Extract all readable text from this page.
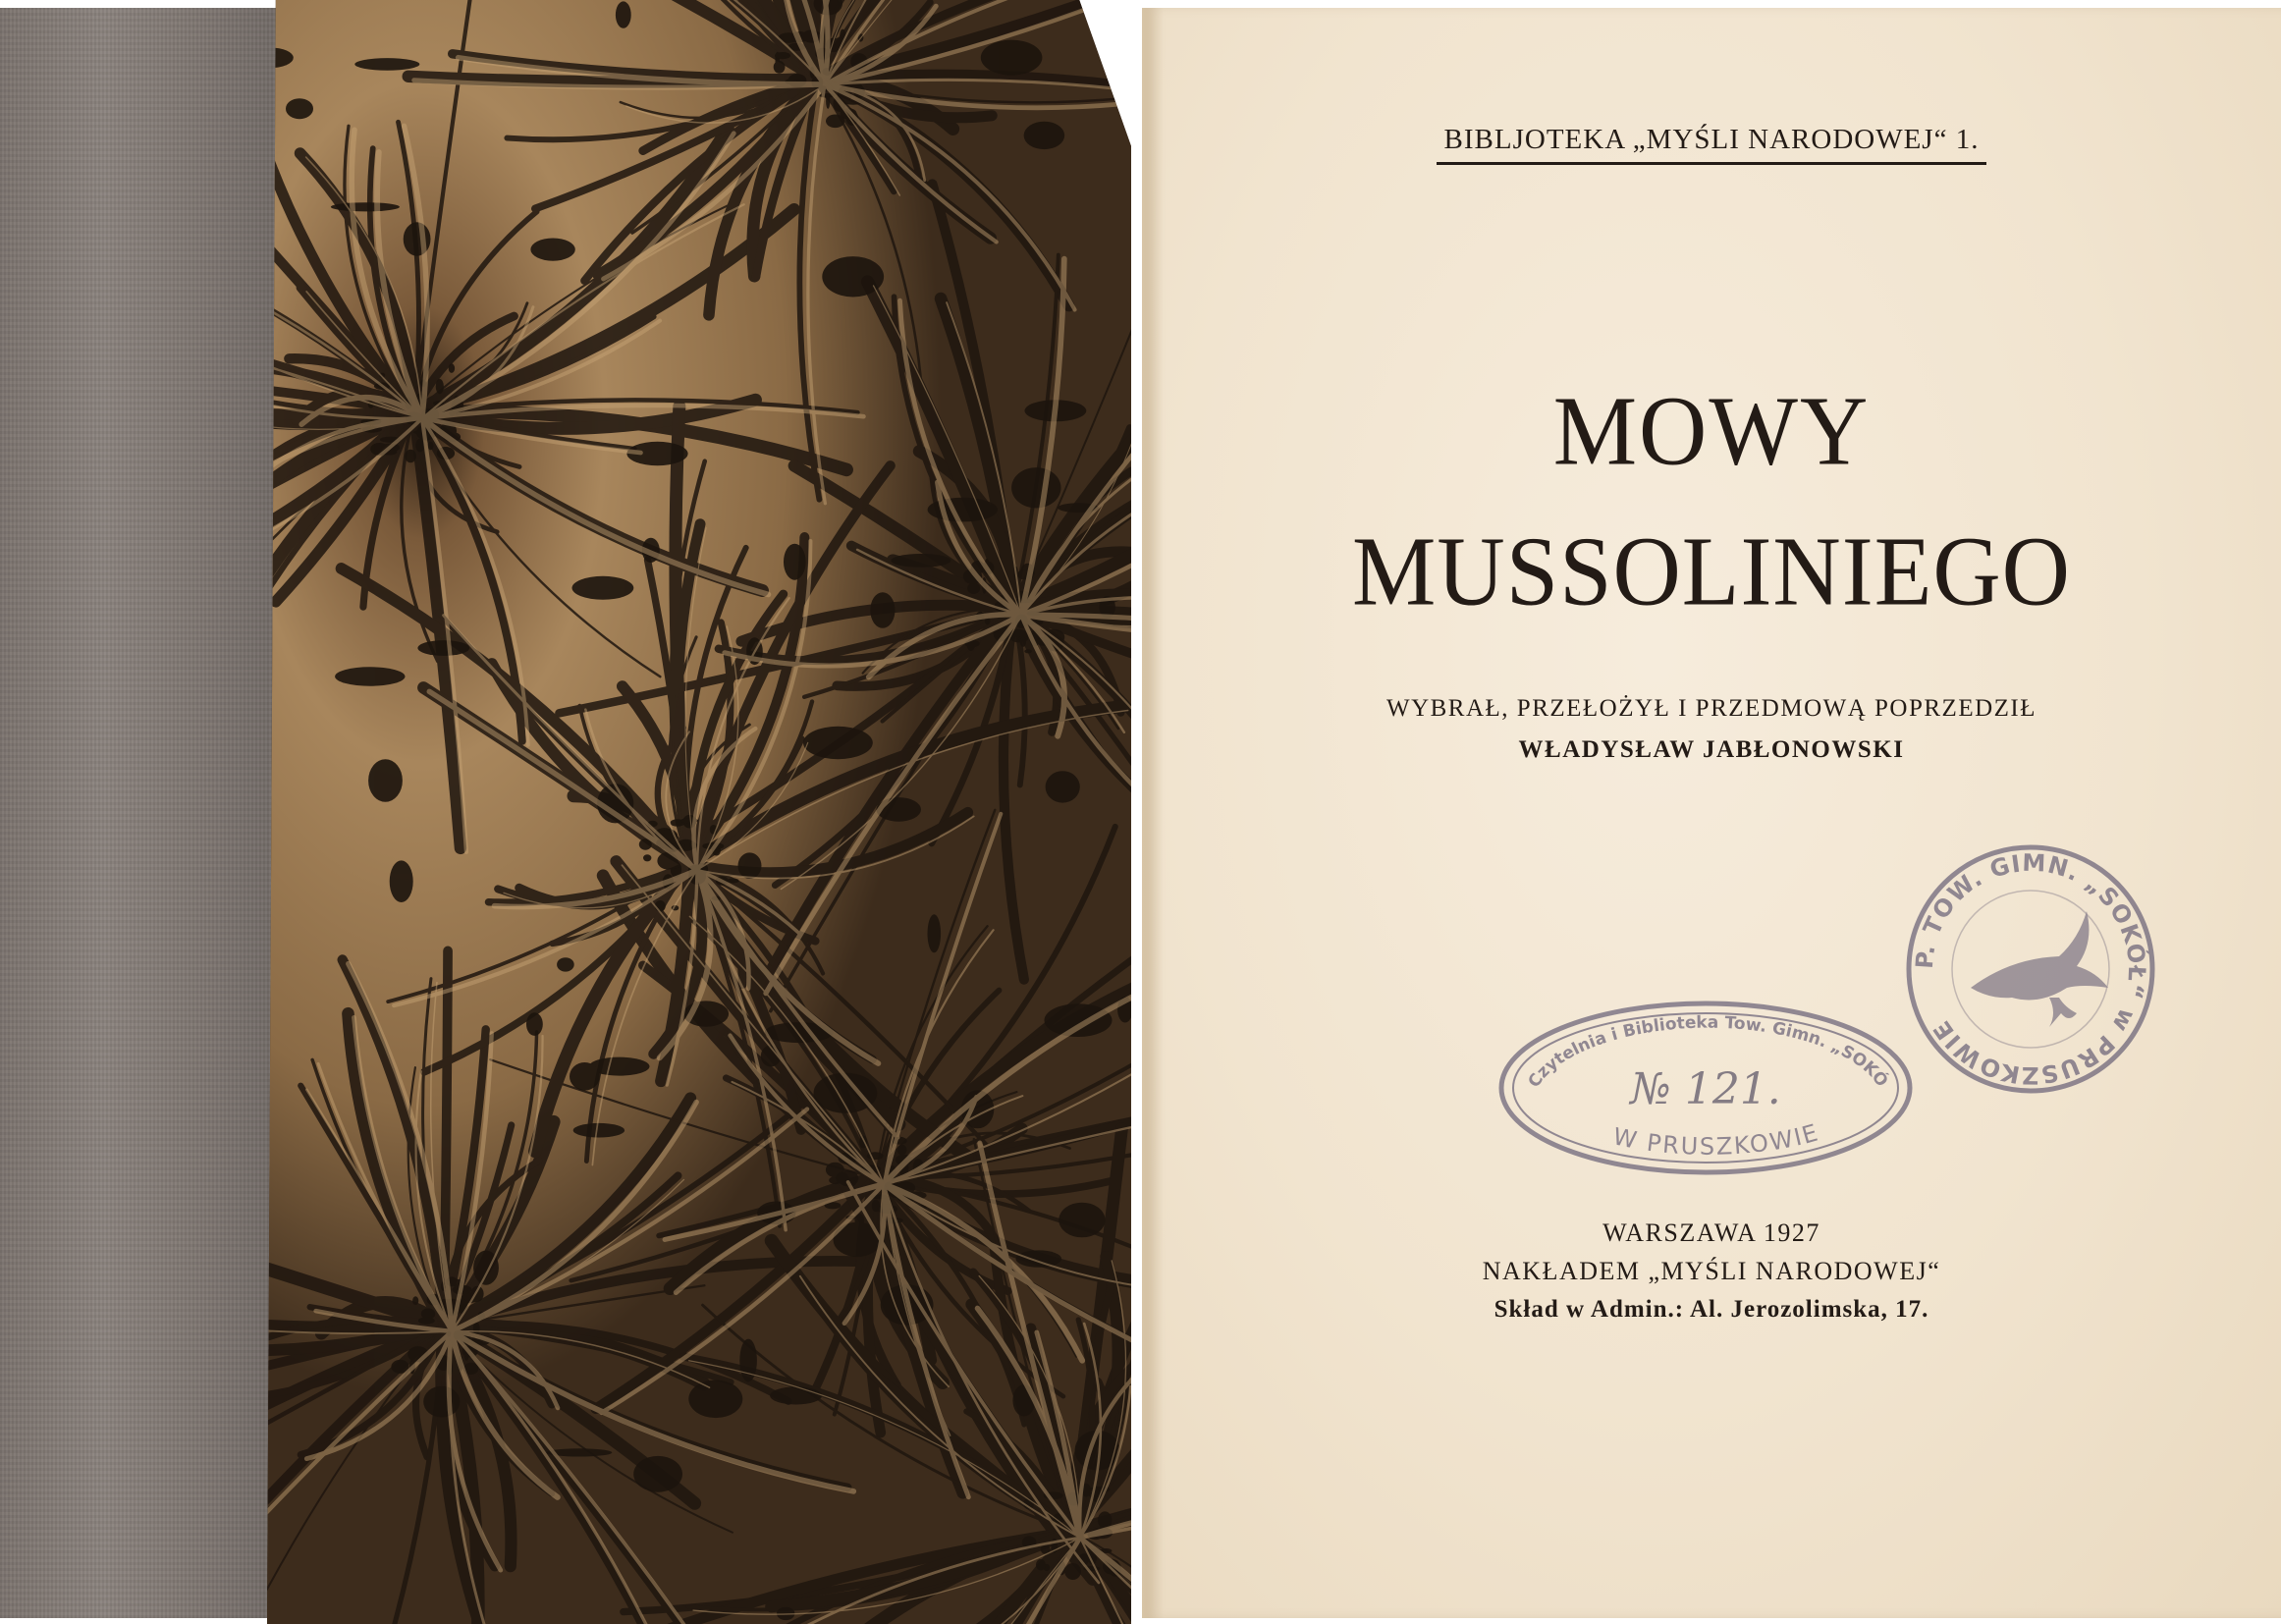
BIBLJOTEKA „MYŚLI NARODOWEJ“ 1.
MOWY
MUSSOLINIEGO
WYBRAŁ, PRZEŁOŻYŁ I PRZEDMOWĄ POPRZEDZIŁ
WŁADYSŁAW JABŁONOWSKI
Czytelnia i Biblioteka Tow. Gimn. „SOKÓ
№ 121.
W PRUSZKOWIE
P. TOW. GIMN. „SOKÓŁ“ w PRUSZKOWIE
WARSZAWA 1927
NAKŁADEM „MYŚLI NARODOWEJ“
Skład w Admin.: Al. Jerozolimska, 17.
